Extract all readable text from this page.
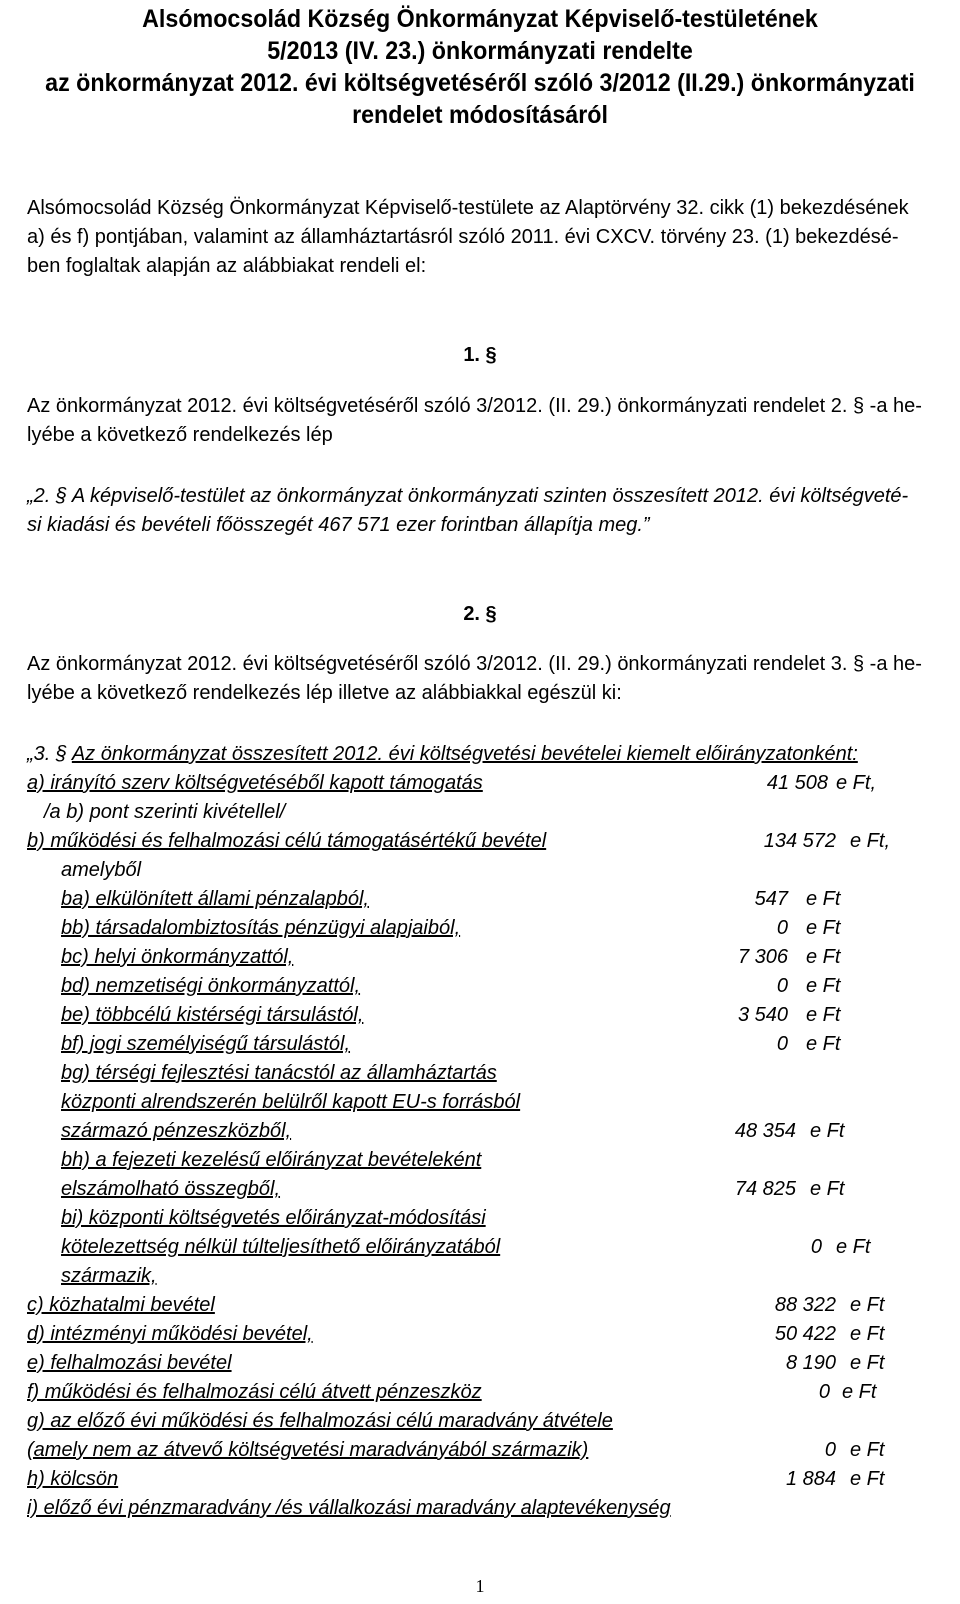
Alsómocsolád Község Önkormányzat Képviselő-testületének
5/2013 (IV. 23.) önkormányzati rendelte
az önkormányzat 2012. évi költségvetéséről szóló 3/2012 (II.29.) önkormányzati
rendelet módosításáról
Alsómocsolád Község Önkormányzat Képviselő-testülete az Alaptörvény 32. cikk (1) bekezdésének
a) és f) pontjában, valamint az államháztartásról szóló 2011. évi CXCV. törvény 23. (1) bekezdésé-
ben foglaltak alapján az alábbiakat rendeli el:
1. §
Az önkormányzat 2012. évi költségvetéséről szóló 3/2012. (II. 29.) önkormányzati rendelet 2. § -a he-
lyébe a következő rendelkezés lép
„2. § A képviselő-testület az önkormányzat önkormányzati szinten összesített 2012. évi költségveté-
si kiadási és bevételi főösszegét 467 571 ezer forintban állapítja meg.”
2. §
Az önkormányzat 2012. évi költségvetéséről szóló 3/2012. (II. 29.) önkormányzati rendelet 3. § -a he-
lyébe a következő rendelkezés lép illetve az alábbiakkal egészül ki:
„3. § Az önkormányzat összesített 2012. évi költségvetési bevételei kiemelt előirányzatonként:
a) irányító szerv költségvetéséből kapott támogatás	41 508 e Ft,
/a b) pont szerinti kivétellel/
b) működési és felhalmozási célú támogatásértékű bevétel	134 572 e Ft,
amelyből
ba) elkülönített állami pénzalapból,	547 e Ft
bb) társadalombiztosítás pénzügyi alapjaiból,	0 e Ft
bc) helyi önkormányzattól,	7 306 e Ft
bd) nemzetiségi önkormányzattól,	0 e Ft
be) többcélú kistérségi társulástól,	3 540 e Ft
bf) jogi személyiségű társulástól,	0 e Ft
bg) térségi fejlesztési tanácstól az államháztartás
központi alrendszerén belülről kapott EU-s forrásból
származó pénzeszközből,	48 354 e Ft
bh) a fejezeti kezelésű előirányzat bevételeként
elszámolható összegből,	74 825 e Ft
bi) központi költségvetés előirányzat-módosítási
kötelezettség nélkül túlteljesíthető előirányzatából	0 e Ft
származik,
c) közhatalmi bevétel	88 322 e Ft
d) intézményi működési bevétel,	50 422 e Ft
e) felhalmozási bevétel	8 190 e Ft
f) működési és felhalmozási célú átvett pénzeszköz	0 e Ft
g) az előző évi működési és felhalmozási célú maradvány átvétele
(amely nem az átvevő költségvetési maradványából származik)	0 e Ft
h) kölcsön	1 884 e Ft
i) előző évi pénzmaradvány /és vállalkozási maradvány alaptevékenység
1
